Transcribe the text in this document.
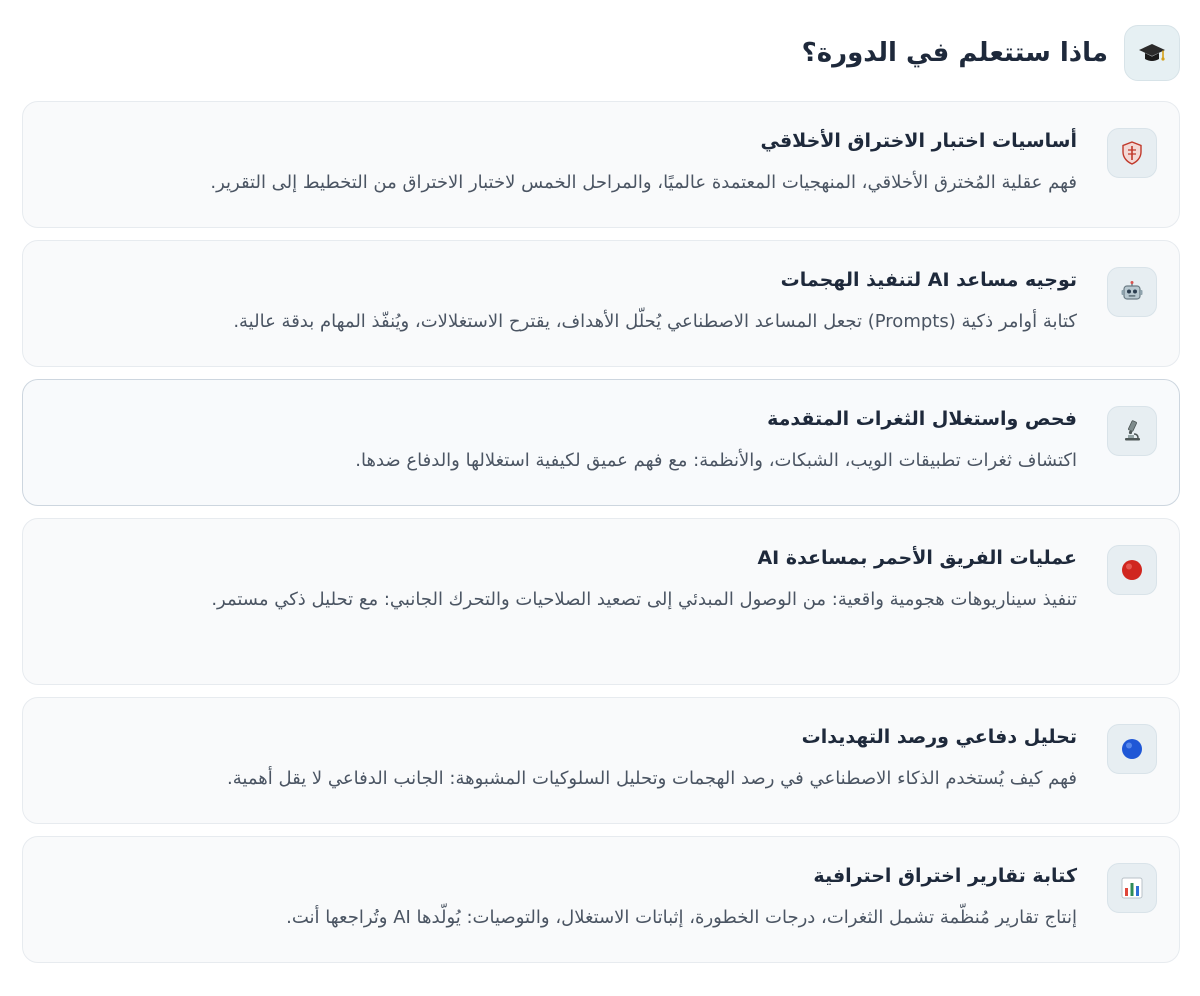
ماذا ستتعلم في الدورة؟
أساسيات اختبار الاختراق الأخلاقي

فهم عقلية المُخترق الأخلاقي، المنهجيات المعتمدة عالميًا، والمراحل الخمس لاختبار الاختراق من التخطيط إلى التقرير.

توجيه مساعد AI لتنفيذ الهجمات

كتابة أوامر ذكية (Prompts) تجعل المساعد الاصطناعي يُحلّل الأهداف، يقترح الاستغلالات، ويُنفّذ المهام بدقة عالية.

فحص واستغلال الثغرات المتقدمة

اكتشاف ثغرات تطبيقات الويب، الشبكات، والأنظمة: مع فهم عميق لكيفية استغلالها والدفاع ضدها.

عمليات الفريق الأحمر بمساعدة AI

تنفيذ سيناريوهات هجومية واقعية: من الوصول المبدئي إلى تصعيد الصلاحيات والتحرك الجانبي: مع تحليل ذكي مستمر.

تحليل دفاعي ورصد التهديدات

فهم كيف يُستخدم الذكاء الاصطناعي في رصد الهجمات وتحليل السلوكيات المشبوهة: الجانب الدفاعي لا يقل أهمية.

كتابة تقارير اختراق احترافية

إنتاج تقارير مُنظّمة تشمل الثغرات، درجات الخطورة، إثباتات الاستغلال، والتوصيات: يُولّدها AI وتُراجعها أنت.
